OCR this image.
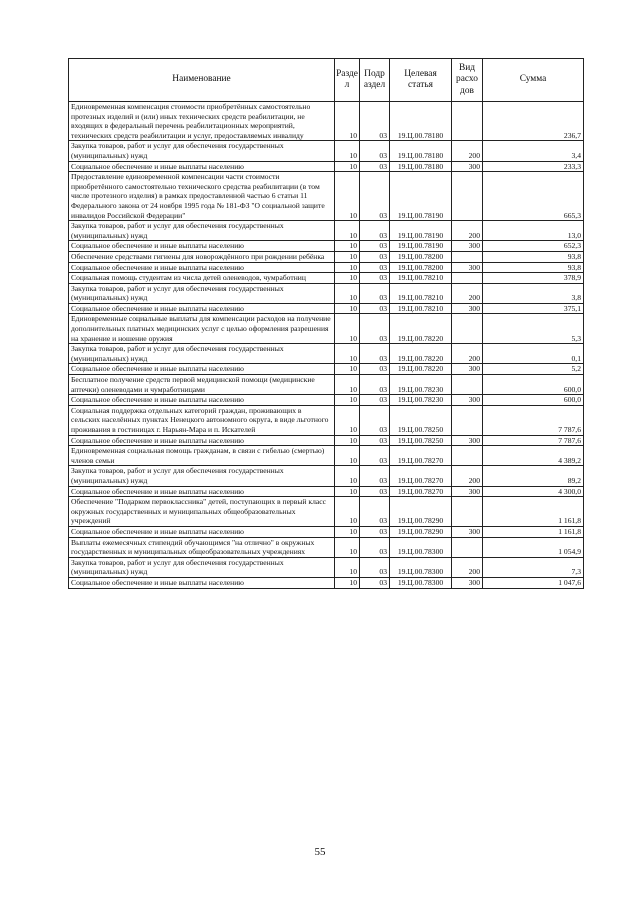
Наименование	Разде л	Подр аздел	Целевая статья	Вид расхо дов	Сумма
Единовременная компенсация стоимости приобретённых самостоятельно протезных изделий и (или) иных технических средств реабилитации, не входящих в федеральный перечень реабилитационных мероприятий, технических средств реабилитации и услуг, предоставляемых инвалиду	10	03	19.Ц.00.78180		236,7
Закупка товаров, работ и услуг для обеспечения государственных (муниципальных) нужд	10	03	19.Ц.00.78180	200	3,4
Социальное обеспечение и иные выплаты населению	10	03	19.Ц.00.78180	300	233,3
Предоставление единовременной компенсации части стоимости приобретённого самостоятельно технического средства реабилитации (в том числе протезного изделия) в рамках предоставленной частью 6 статьи 11 Федерального закона от 24 ноября 1995 года № 181-ФЗ "О социальной защите инвалидов Российской Федерации"	10	03	19.Ц.00.78190		665,3
Закупка товаров, работ и услуг для обеспечения государственных (муниципальных) нужд	10	03	19.Ц.00.78190	200	13,0
Социальное обеспечение и иные выплаты населению	10	03	19.Ц.00.78190	300	652,3
Обеспечение средствами гигиены для новорождённого при рождении ребёнка	10	03	19.Ц.00.78200		93,8
Социальное обеспечение и иные выплаты населению	10	03	19.Ц.00.78200	300	93,8
Социальная помощь студентам из числа детей оленеводов, чумработниц	10	03	19.Ц.00.78210		378,9
Закупка товаров, работ и услуг для обеспечения государственных (муниципальных) нужд	10	03	19.Ц.00.78210	200	3,8
Социальное обеспечение и иные выплаты населению	10	03	19.Ц.00.78210	300	375,1
Единовременные социальные выплаты для компенсации расходов на получение дополнительных платных медицинских услуг с целью оформления разрешения на хранение и ношение оружия	10	03	19.Ц.00.78220		5,3
Закупка товаров, работ и услуг для обеспечения государственных (муниципальных) нужд	10	03	19.Ц.00.78220	200	0,1
Социальное обеспечение и иные выплаты населению	10	03	19.Ц.00.78220	300	5,2
Бесплатное получение средств первой медицинской помощи (медицинские аптечки) оленеводами и чумработницами	10	03	19.Ц.00.78230		600,0
Социальное обеспечение и иные выплаты населению	10	03	19.Ц.00.78230	300	600,0
Социальная поддержка отдельных категорий граждан, проживающих в сельских населённых пунктах Ненецкого автономного округа, в виде льготного проживания в гостиницах г. Нарьян-Мара и п. Искателей	10	03	19.Ц.00.78250		7 787,6
Социальное обеспечение и иные выплаты населению	10	03	19.Ц.00.78250	300	7 787,6
Единовременная социальная помощь гражданам, в связи с гибелью (смертью) членов семьи	10	03	19.Ц.00.78270		4 389,2
Закупка товаров, работ и услуг для обеспечения государственных (муниципальных) нужд	10	03	19.Ц.00.78270	200	89,2
Социальное обеспечение и иные выплаты населению	10	03	19.Ц.00.78270	300	4 300,0
Обеспечение "Подарком первоклассника" детей, поступающих в первый класс окружных государственных и муниципальных общеобразовательных учреждений	10	03	19.Ц.00.78290		1 161,8
Социальное обеспечение и иные выплаты населению	10	03	19.Ц.00.78290	300	1 161,8
Выплаты ежемесячных стипендий обучающимся "на отлично" в окружных государственных и муниципальных общеобразовательных учреждениях	10	03	19.Ц.00.78300		1 054,9
Закупка товаров, работ и услуг для обеспечения государственных (муниципальных) нужд	10	03	19.Ц.00.78300	200	7,3
Социальное обеспечение и иные выплаты населению	10	03	19.Ц.00.78300	300	1 047,6
55
